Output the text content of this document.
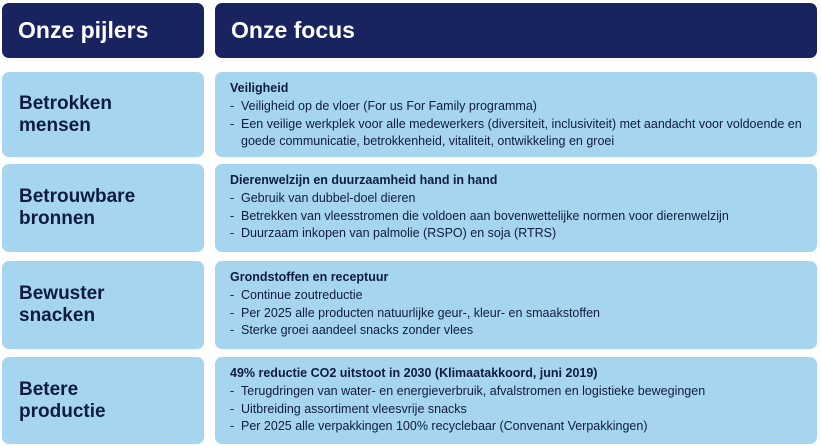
Onze pijlers	Onze focus
Betrokken
mensen
Veiligheid
- Veiligheid op de vloer (For us For Family programma)
- Een veilige werkplek voor alle medewerkers (diversiteit, inclusiviteit) met aandacht voor voldoende en goede communicatie, betrokkenheid, vitaliteit, ontwikkeling en groei
Betrouwbare
bronnen
Dierenwelzijn en duurzaamheid hand in hand
- Gebruik van dubbel-doel dieren
- Betrekken van vleesstromen die voldoen aan bovenwettelijke normen voor dierenwelzijn
- Duurzaam inkopen van palmolie (RSPO) en soja (RTRS)
Bewuster
snacken
Grondstoffen en receptuur
- Continue zoutreductie
- Per 2025 alle producten natuurlijke geur-, kleur- en smaakstoffen
- Sterke groei aandeel snacks zonder vlees
Betere
productie
49% reductie CO2 uitstoot in 2030 (Klimaatakkoord, juni 2019)
- Terugdringen van water- en energieverbruik, afvalstromen en logistieke bewegingen
- Uitbreiding assortiment vleesvrije snacks
- Per 2025 alle verpakkingen 100% recyclebaar (Convenant Verpakkingen)
